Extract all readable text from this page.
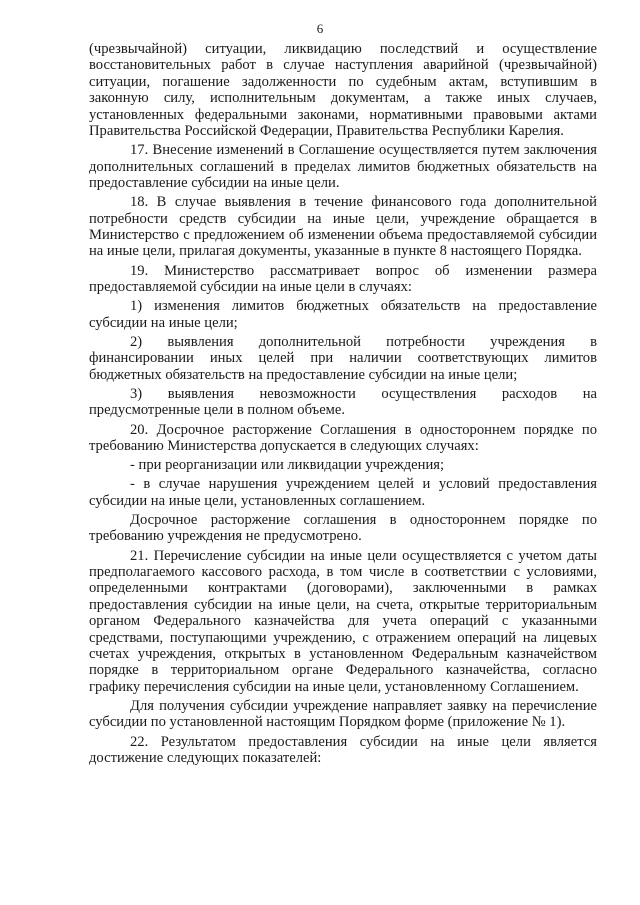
6

(чрезвычайной) ситуации, ликвидацию последствий и осуществление восстановительных работ в случае наступления аварийной (чрезвычайной) ситуации, погашение задолженности по судебным актам, вступившим в законную силу, исполнительным документам, а также иных случаев, установленных федеральными законами, нормативными правовыми актами Правительства Российской Федерации, Правительства Республики Карелия.

17. Внесение изменений в Соглашение осуществляется путем заключения дополнительных соглашений в пределах лимитов бюджетных обязательств на предоставление субсидии на иные цели.

18. В случае выявления в течение финансового года дополнительной потребности средств субсидии на иные цели, учреждение обращается в Министерство с предложением об изменении объема предоставляемой субсидии на иные цели, прилагая документы, указанные в пункте 8 настоящего Порядка.

19. Министерство рассматривает вопрос об изменении размера предоставляемой субсидии на иные цели в случаях:

1) изменения лимитов бюджетных обязательств на предоставление субсидии на иные цели;

2) выявления дополнительной потребности учреждения в финансировании иных целей при наличии соответствующих лимитов бюджетных обязательств на предоставление субсидии на иные цели;

3) выявления невозможности осуществления расходов на предусмотренные цели в полном объеме.

20. Досрочное расторжение Соглашения в одностороннем порядке по требованию Министерства допускается в следующих случаях:

- при реорганизации или ликвидации учреждения;

- в случае нарушения учреждением целей и условий предоставления субсидии на иные цели, установленных соглашением.

Досрочное расторжение соглашения в одностороннем порядке по требованию учреждения не предусмотрено.

21. Перечисление субсидии на иные цели осуществляется с учетом даты предполагаемого кассового расхода, в том числе в соответствии с условиями, определенными контрактами (договорами), заключенными в рамках предоставления субсидии на иные цели, на счета, открытые территориальным органом Федерального казначейства для учета операций с указанными средствами, поступающими учреждению, с отражением операций на лицевых счетах учреждения, открытых в установленном Федеральным казначейством порядке в территориальном органе Федерального казначейства, согласно графику перечисления субсидии на иные цели, установленному Соглашением.

Для получения субсидии учреждение направляет заявку на перечисление субсидии по установленной настоящим Порядком форме (приложение № 1).

22. Результатом предоставления субсидии на иные цели является достижение следующих показателей:
